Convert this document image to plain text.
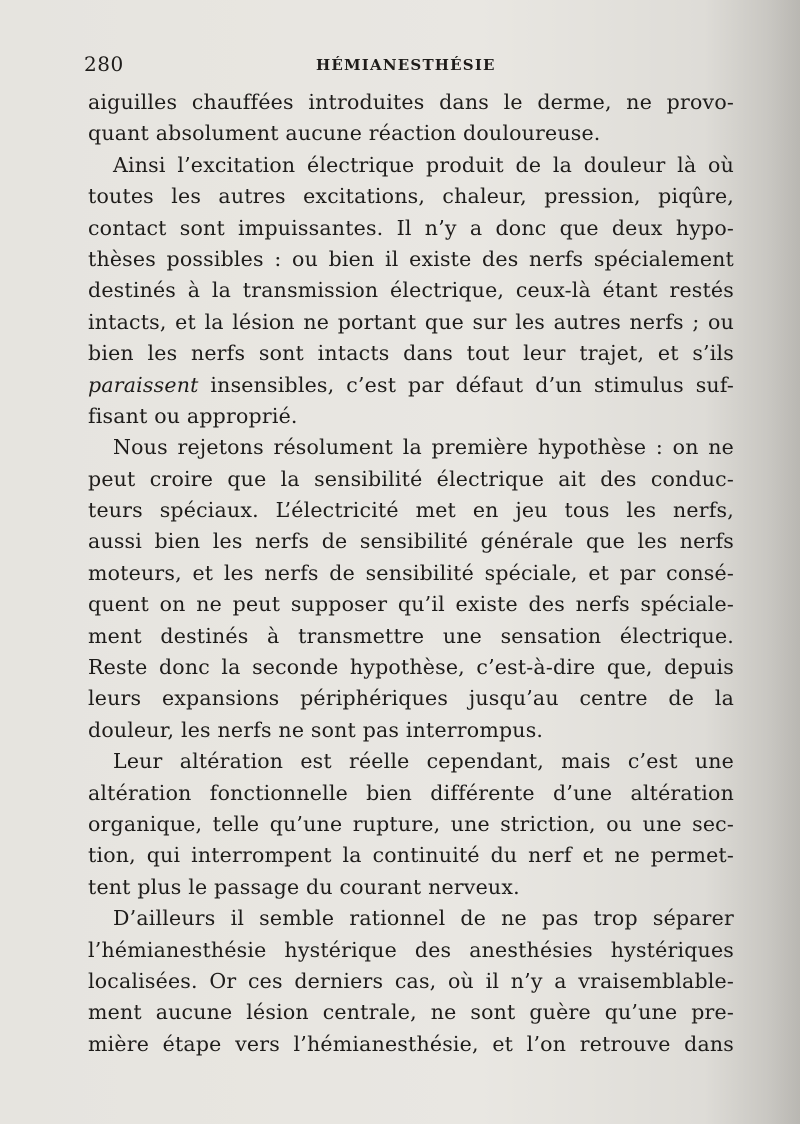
280	HÉMIANESTHÉSIE
aiguilles chauffées introduites dans le derme, ne provo-
quant absolument aucune réaction douloureuse.
Ainsi l’excitation électrique produit de la douleur là où
toutes les autres excitations, chaleur, pression, piqûre,
contact sont impuissantes. Il n’y a donc que deux hypo-
thèses possibles : ou bien il existe des nerfs spécialement
destinés à la transmission électrique, ceux-là étant restés
intacts, et la lésion ne portant que sur les autres nerfs ; ou
bien les nerfs sont intacts dans tout leur trajet, et s’ils
paraissent insensibles, c’est par défaut d’un stimulus suf-
fisant ou approprié.
Nous rejetons résolument la première hypothèse : on ne
peut croire que la sensibilité électrique ait des conduc-
teurs spéciaux. L’électricité met en jeu tous les nerfs,
aussi bien les nerfs de sensibilité générale que les nerfs
moteurs, et les nerfs de sensibilité spéciale, et par consé-
quent on ne peut supposer qu’il existe des nerfs spéciale-
ment destinés à transmettre une sensation électrique.
Reste donc la seconde hypothèse, c’est-à-dire que, depuis
leurs expansions périphériques jusqu’au centre de la
douleur, les nerfs ne sont pas interrompus.
Leur altération est réelle cependant, mais c’est une
altération fonctionnelle bien différente d’une altération
organique, telle qu’une rupture, une striction, ou une sec-
tion, qui interrompent la continuité du nerf et ne permet-
tent plus le passage du courant nerveux.
D’ailleurs il semble rationnel de ne pas trop séparer
l’hémianesthésie hystérique des anesthésies hystériques
localisées. Or ces derniers cas, où il n’y a vraisemblable-
ment aucune lésion centrale, ne sont guère qu’une pre-
mière étape vers l’hémianesthésie, et l’on retrouve dans
